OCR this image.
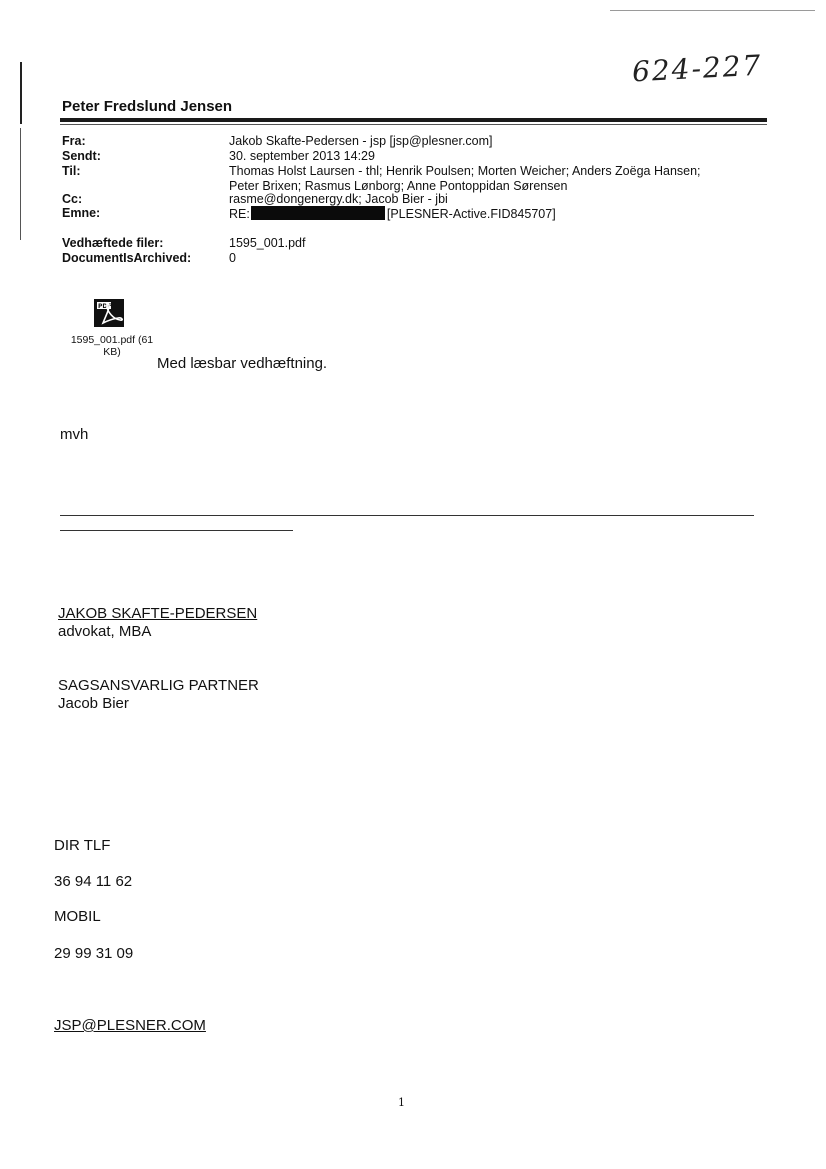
624-227
Peter Fredslund Jensen
Fra:	Jakob Skafte-Pedersen - jsp [jsp@plesner.com]
Sendt:	30. september 2013 14:29
Til:	Thomas Holst Laursen - thl; Henrik Poulsen; Morten Weicher; Anders Zoëga Hansen;
Peter Brixen; Rasmus Lønborg; Anne Pontoppidan Sørensen
Cc:	rasme@dongenergy.dk; Jacob Bier - jbi
Emne:	RE:	[PLESNER-Active.FID845707]
Vedhæftede filer:	1595_001.pdf
DocumentIsArchived:	0
PDF
1595_001.pdf (61
KB)
Med læsbar vedhæftning.
mvh
JAKOB SKAFTE-PEDERSEN
advokat, MBA
SAGSANSVARLIG PARTNER
Jacob Bier
DIR TLF
36 94 11 62
MOBIL
29 99 31 09
JSP@PLESNER.COM
1
